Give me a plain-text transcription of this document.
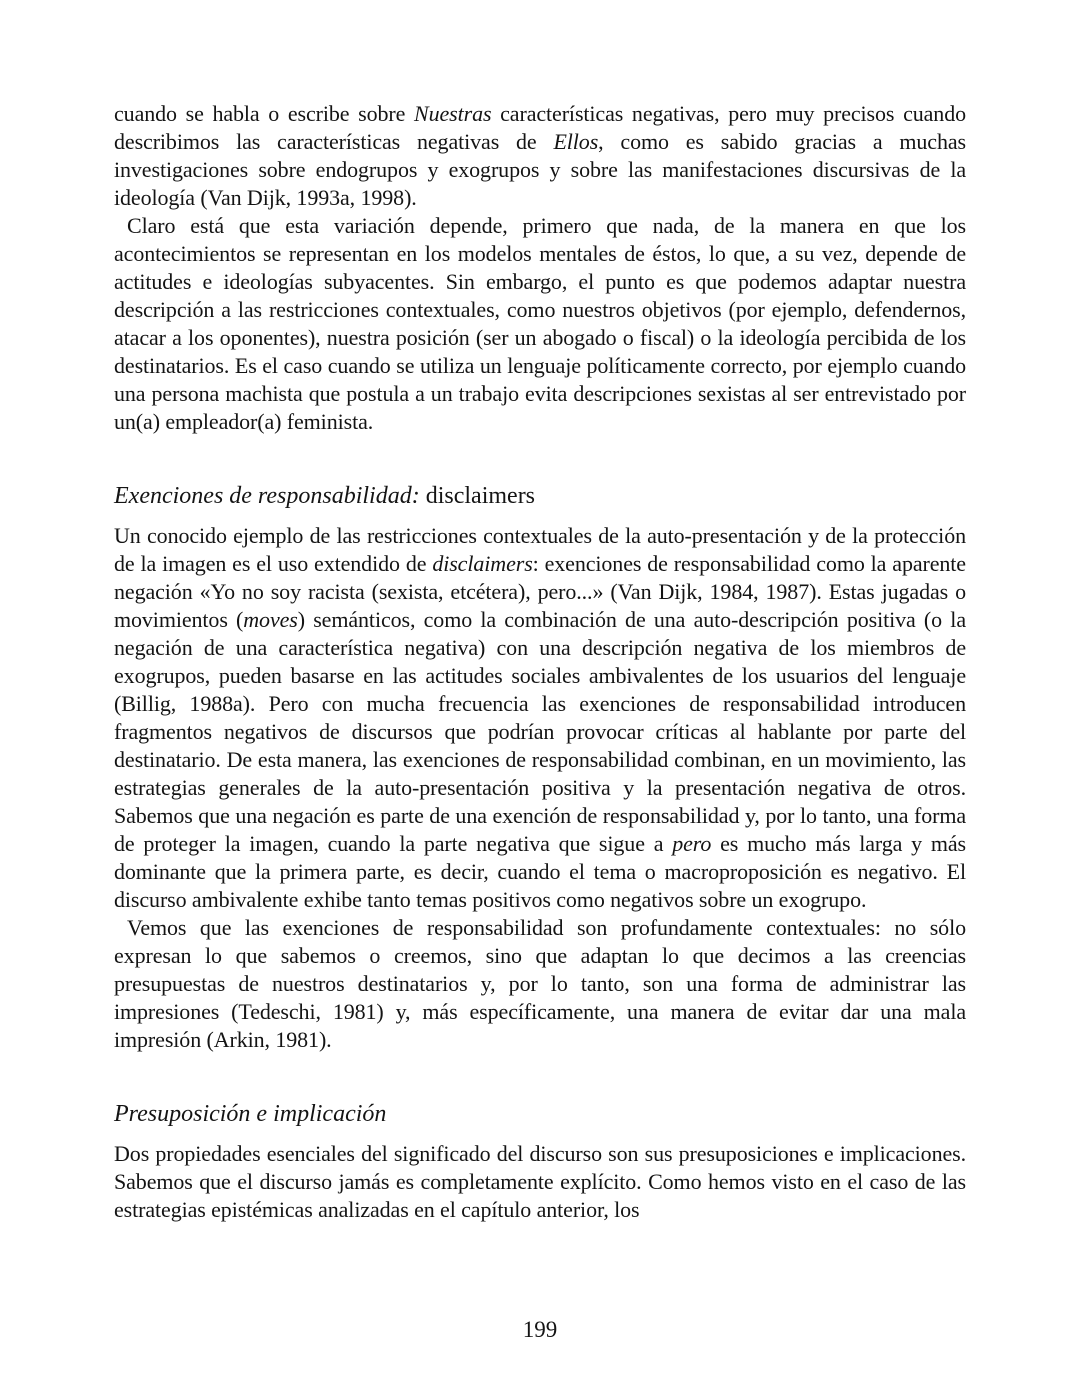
cuando se habla o escribe sobre Nuestras características negativas, pero muy precisos cuando describimos las características negativas de Ellos, como es sabido gracias a muchas investigaciones sobre endogrupos y exogrupos y sobre las manifestaciones discursivas de la ideología (Van Dijk, 1993a, 1998).

Claro está que esta variación depende, primero que nada, de la manera en que los acontecimientos se representan en los modelos mentales de éstos, lo que, a su vez, depende de actitudes e ideologías subyacentes. Sin embargo, el punto es que podemos adaptar nuestra descripción a las restricciones contextuales, como nuestros objetivos (por ejemplo, defendernos, atacar a los oponentes), nuestra posición (ser un abogado o fiscal) o la ideología percibida de los destinatarios. Es el caso cuando se utiliza un lenguaje políticamente correcto, por ejemplo cuando una persona machista que postula a un trabajo evita descripciones sexistas al ser entrevistado por un(a) empleador(a) feminista.

Exenciones de responsabilidad: disclaimers

Un conocido ejemplo de las restricciones contextuales de la auto-presentación y de la protección de la imagen es el uso extendido de disclaimers: exenciones de responsabilidad como la aparente negación «Yo no soy racista (sexista, etcétera), pero...» (Van Dijk, 1984, 1987). Estas jugadas o movimientos (moves) semánticos, como la combinación de una auto-descripción positiva (o la negación de una característica negativa) con una descripción negativa de los miembros de exogrupos, pueden basarse en las actitudes sociales ambivalentes de los usuarios del lenguaje (Billig, 1988a). Pero con mucha frecuencia las exenciones de responsabilidad introducen fragmentos negativos de discursos que podrían provocar críticas al hablante por parte del destinatario. De esta manera, las exenciones de responsabilidad combinan, en un movimiento, las estrategias generales de la auto-presentación positiva y la presentación negativa de otros. Sabemos que una negación es parte de una exención de responsabilidad y, por lo tanto, una forma de proteger la imagen, cuando la parte negativa que sigue a pero es mucho más larga y más dominante que la primera parte, es decir, cuando el tema o macroproposición es negativo. El discurso ambivalente exhibe tanto temas positivos como negativos sobre un exogrupo.

Vemos que las exenciones de responsabilidad son profundamente contextuales: no sólo expresan lo que sabemos o creemos, sino que adaptan lo que decimos a las creencias presupuestas de nuestros destinatarios y, por lo tanto, son una forma de administrar las impresiones (Tedeschi, 1981) y, más específicamente, una manera de evitar dar una mala impresión (Arkin, 1981).

Presuposición e implicación

Dos propiedades esenciales del significado del discurso son sus presuposiciones e implicaciones. Sabemos que el discurso jamás es completamente explícito. Como hemos visto en el caso de las estrategias epistémicas analizadas en el capítulo anterior, los

199
